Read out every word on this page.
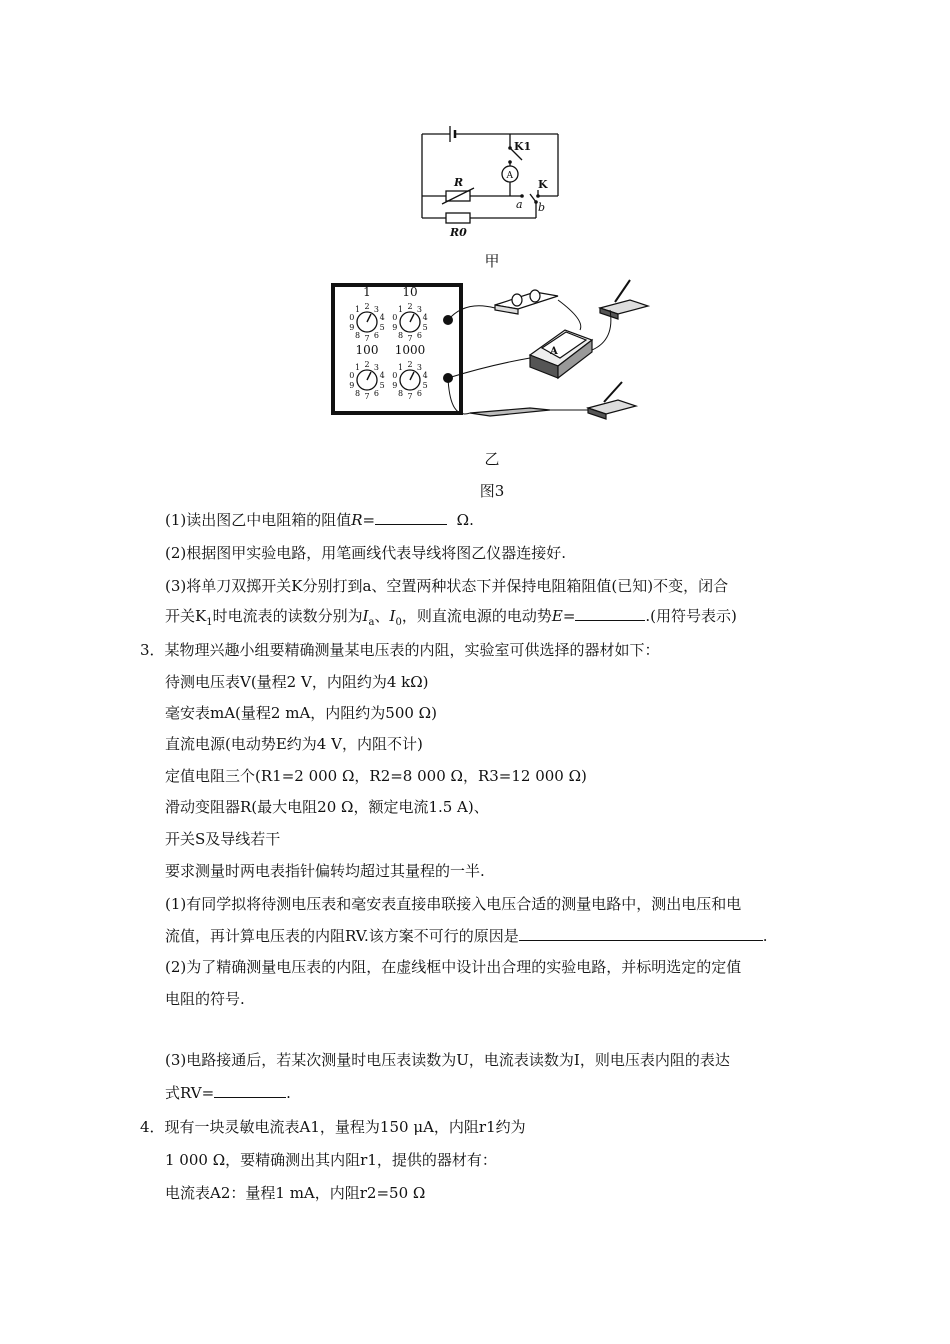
K1
A
R
R0
a b
K
甲
1
9
0
1 2 3
4
5
6
7
8
10
9
0
1 2 3
4
5
6
7
8
100
9
0
1 2 3
4
5
6
7
8
1000
9
0
1 2 3
4
5
6
7
8
A
乙
图3
(1)读出图乙中电阻箱的阻值R=	Ω.
(2)根据图甲实验电路，用笔画线代表导线将图乙仪器连接好.
(3)将单刀双掷开关K分别打到a、空置两种状态下并保持电阻箱阻值(已知)不变，闭合
开关$K_1$时电流表的读数分别为$I_a$、$I_0$，则直流电源的电动势E=	.(用符号表示)
3．某物理兴趣小组要精确测量某电压表的内阻，实验室可供选择的器材如下：
待测电压表V(量程2 V，内阻约为4 kΩ)
毫安表mA(量程2 mA，内阻约为500 Ω)
直流电源(电动势E约为4 V，内阻不计)
定值电阻三个(R1=2 000 Ω，R2=8 000 Ω，R3=12 000 Ω)
滑动变阻器R(最大电阻20 Ω，额定电流1.5 A)、
开关S及导线若干
要求测量时两电表指针偏转均超过其量程的一半.
(1)有同学拟将待测电压表和毫安表直接串联接入电压合适的测量电路中，测出电压和电
流值，再计算电压表的内阻RV.该方案不可行的原因是	.
(2)为了精确测量电压表的内阻，在虚线框中设计出合理的实验电路，并标明选定的定值
电阻的符号.
(3)电路接通后，若某次测量时电压表读数为U，电流表读数为I，则电压表内阻的表达
式RV=	.
4．现有一块灵敏电流表A1，量程为150 μA，内阻r1约为
1 000 Ω，要精确测出其内阻r1，提供的器材有：
电流表A2：量程1 mA，内阻r2=50 Ω
